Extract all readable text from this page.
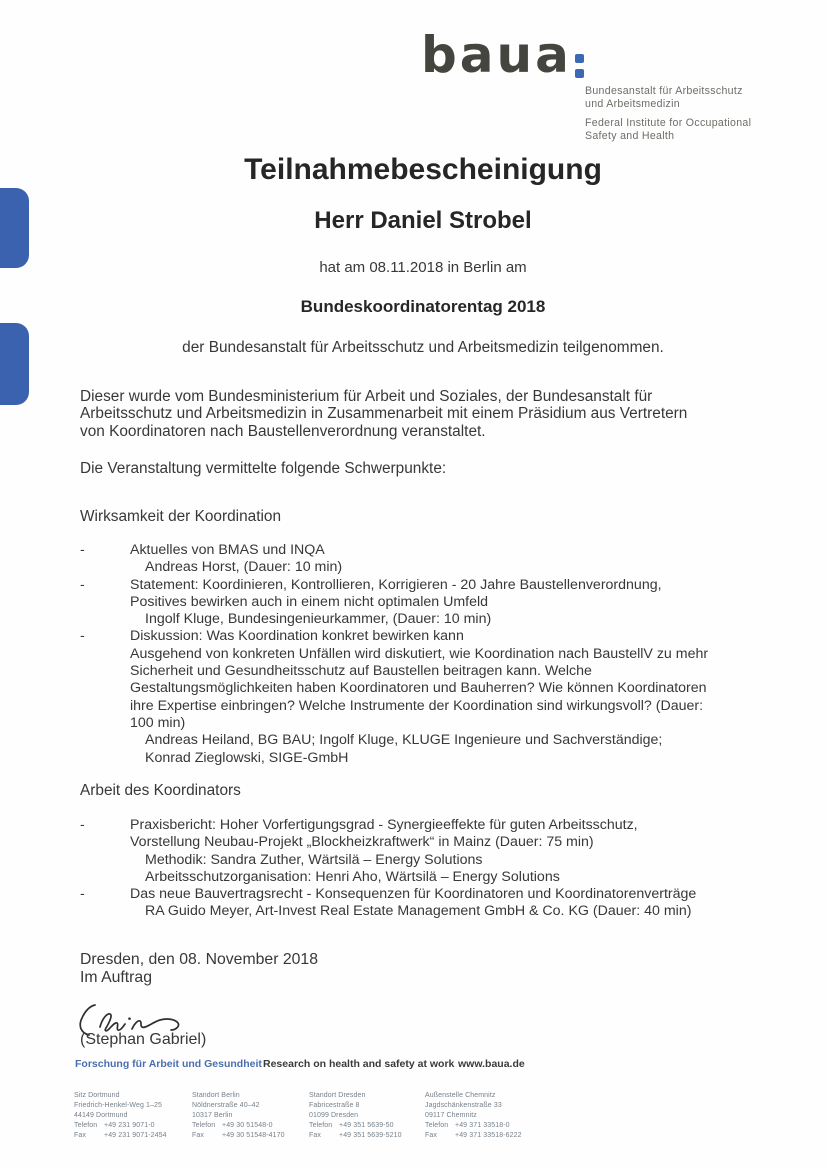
baua
Bundesanstalt für Arbeitsschutz
und Arbeitsmedizin
Federal Institute for Occupational
Safety and Health
Teilnahmebescheinigung
Herr Daniel Strobel
hat am 08.11.2018 in Berlin am
Bundeskoordinatorentag 2018
der Bundesanstalt für Arbeitsschutz und Arbeitsmedizin teilgenommen.
Dieser wurde vom Bundesministerium für Arbeit und Soziales, der Bundesanstalt für
Arbeitsschutz und Arbeitsmedizin in Zusammenarbeit mit einem Präsidium aus Vertretern
von Koordinatoren nach Baustellenverordnung veranstaltet.
Die Veranstaltung vermittelte folgende Schwerpunkte:
Wirksamkeit der Koordination
-	Aktuelles von BMAS und INQA
Andreas Horst, (Dauer: 10 min)
-	Statement: Koordinieren, Kontrollieren, Korrigieren - 20 Jahre Baustellenverordnung,
Positives bewirken auch in einem nicht optimalen Umfeld
Ingolf Kluge, Bundesingenieurkammer, (Dauer: 10 min)
-	Diskussion: Was Koordination konkret bewirken kann
Ausgehend von konkreten Unfällen wird diskutiert, wie Koordination nach BaustellV zu mehr
Sicherheit und Gesundheitsschutz auf Baustellen beitragen kann. Welche
Gestaltungsmöglichkeiten haben Koordinatoren und Bauherren? Wie können Koordinatoren
ihre Expertise einbringen? Welche Instrumente der Koordination sind wirkungsvoll? (Dauer:
100 min)
Andreas Heiland, BG BAU; Ingolf Kluge, KLUGE Ingenieure und Sachverständige;
Konrad Zieglowski, SIGE-GmbH
Arbeit des Koordinators
-	Praxisbericht: Hoher Vorfertigungsgrad - Synergieeffekte für guten Arbeitsschutz,
Vorstellung Neubau-Projekt „Blockheizkraftwerk“ in Mainz (Dauer: 75 min)
Methodik: Sandra Zuther, Wärtsilä – Energy Solutions
Arbeitsschutzorganisation: Henri Aho, Wärtsilä – Energy Solutions
-	Das neue Bauvertragsrecht - Konsequenzen für Koordinatoren und Koordinatorenverträge
RA Guido Meyer, Art-Invest Real Estate Management GmbH & Co. KG (Dauer: 40 min)
Dresden, den 08. November 2018
Im Auftrag
(Stephan Gabriel)
Forschung für Arbeit und Gesundheit Research on health and safety at work www.baua.de
Sitz Dortmund
Friedrich-Henkel-Weg 1–25
44149 Dortmund
Telefon +49 231 9071-0
Fax	+49 231 9071-2454
Standort Berlin
Nöldnerstraße 40–42
10317 Berlin
Telefon +49 30 51548-0
Fax	+49 30 51548-4170
Standort Dresden
Fabricestraße 8
01099 Dresden
Telefon +49 351 5639-50
Fax	+49 351 5639-5210
Außenstelle Chemnitz
Jagdschänkenstraße 33
09117 Chemnitz
Telefon +49 371 33518-0
Fax	+49 371 33518-6222
